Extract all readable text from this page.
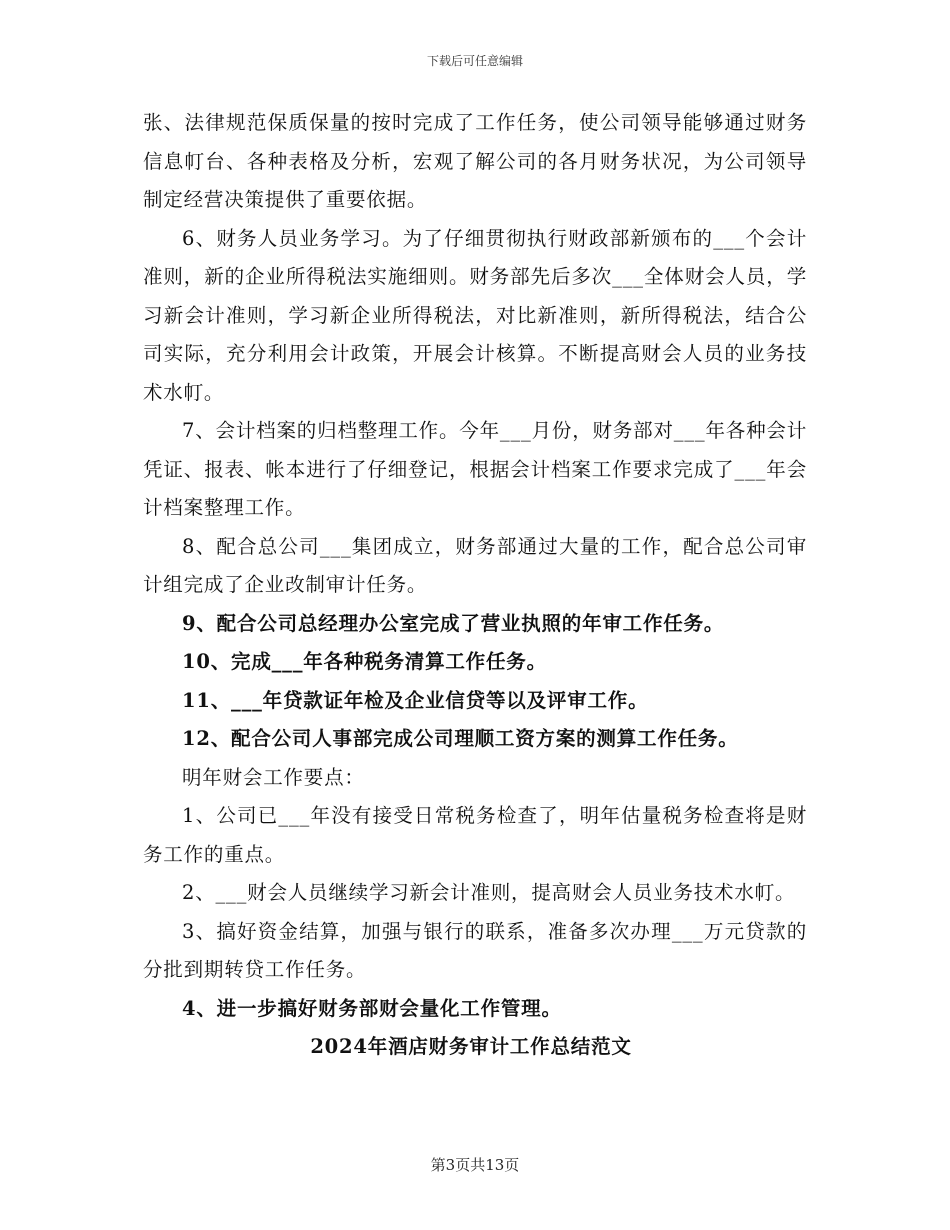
下载后可任意编辑

张、法律规范保质保量的按时完成了工作任务，使公司领导能够通过财务信息帄台、各种表格及分析，宏观了解公司的各月财务状况，为公司领导制定经营决策提供了重要依据。

6、财务人员业务学习。为了仔细贯彻执行财政部新颁布的___个会计准则，新的企业所得税法实施细则。财务部先后多次___全体财会人员，学习新会计准则，学习新企业所得税法，对比新准则，新所得税法，结合公司实际，充分利用会计政策，开展会计核算。不断提高财会人员的业务技术水帄。

7、会计档案的归档整理工作。今年___月份，财务部对___年各种会计凭证、报表、帐本进行了仔细登记，根据会计档案工作要求完成了___年会计档案整理工作。

8、配合总公司___集团成立，财务部通过大量的工作，配合总公司审计组完成了企业改制审计任务。

9、配合公司总经理办公室完成了营业执照的年审工作任务。

10、完成___年各种税务清算工作任务。

11、___年贷款证年检及企业信贷等以及评审工作。

12、配合公司人事部完成公司理顺工资方案的测算工作任务。

明年财会工作要点：

1、公司已___年没有接受日常税务检查了，明年估量税务检查将是财务工作的重点。

2、___财会人员继续学习新会计准则，提高财会人员业务技术水帄。

3、搞好资金结算，加强与银行的联系，准备多次办理___万元贷款的分批到期转贷工作任务。

4、进一步搞好财务部财会量化工作管理。

2024年酒店财务审计工作总结范文

第3页共13页
